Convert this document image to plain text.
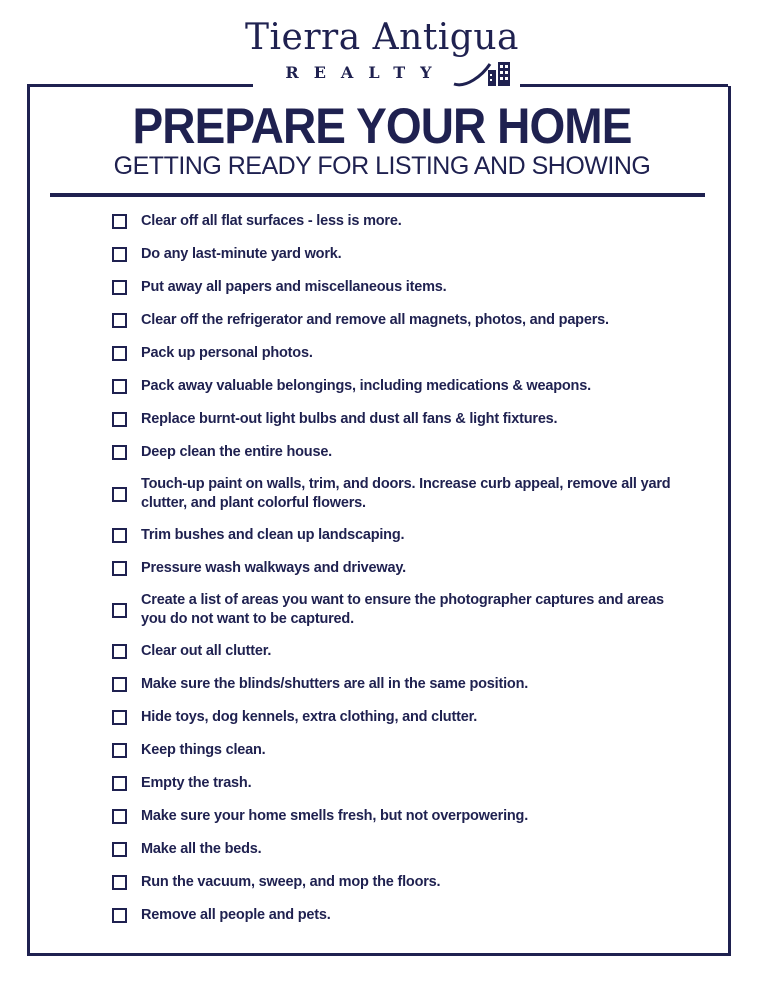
Tierra Antigua
REALTY
PREPARE YOUR HOME
GETTING READY FOR LISTING AND SHOWING
Clear off all flat surfaces - less is more.
Do any last-minute yard work.
Put away all papers and miscellaneous items.
Clear off the refrigerator and remove all magnets, photos, and papers.
Pack up personal photos.
Pack away valuable belongings, including medications & weapons.
Replace burnt-out light bulbs and dust all fans & light fixtures.
Deep clean the entire house.
Touch-up paint on walls, trim, and doors. Increase curb appeal, remove all yard clutter, and plant colorful flowers.
Trim bushes and clean up landscaping.
Pressure wash walkways and driveway.
Create a list of areas you want to ensure the photographer captures and areas you do not want to be captured.
Clear out all clutter.
Make sure the blinds/shutters are all in the same position.
Hide toys, dog kennels, extra clothing, and clutter.
Keep things clean.
Empty the trash.
Make sure your home smells fresh, but not overpowering.
Make all the beds.
Run the vacuum, sweep, and mop the floors.
Remove all people and pets.
